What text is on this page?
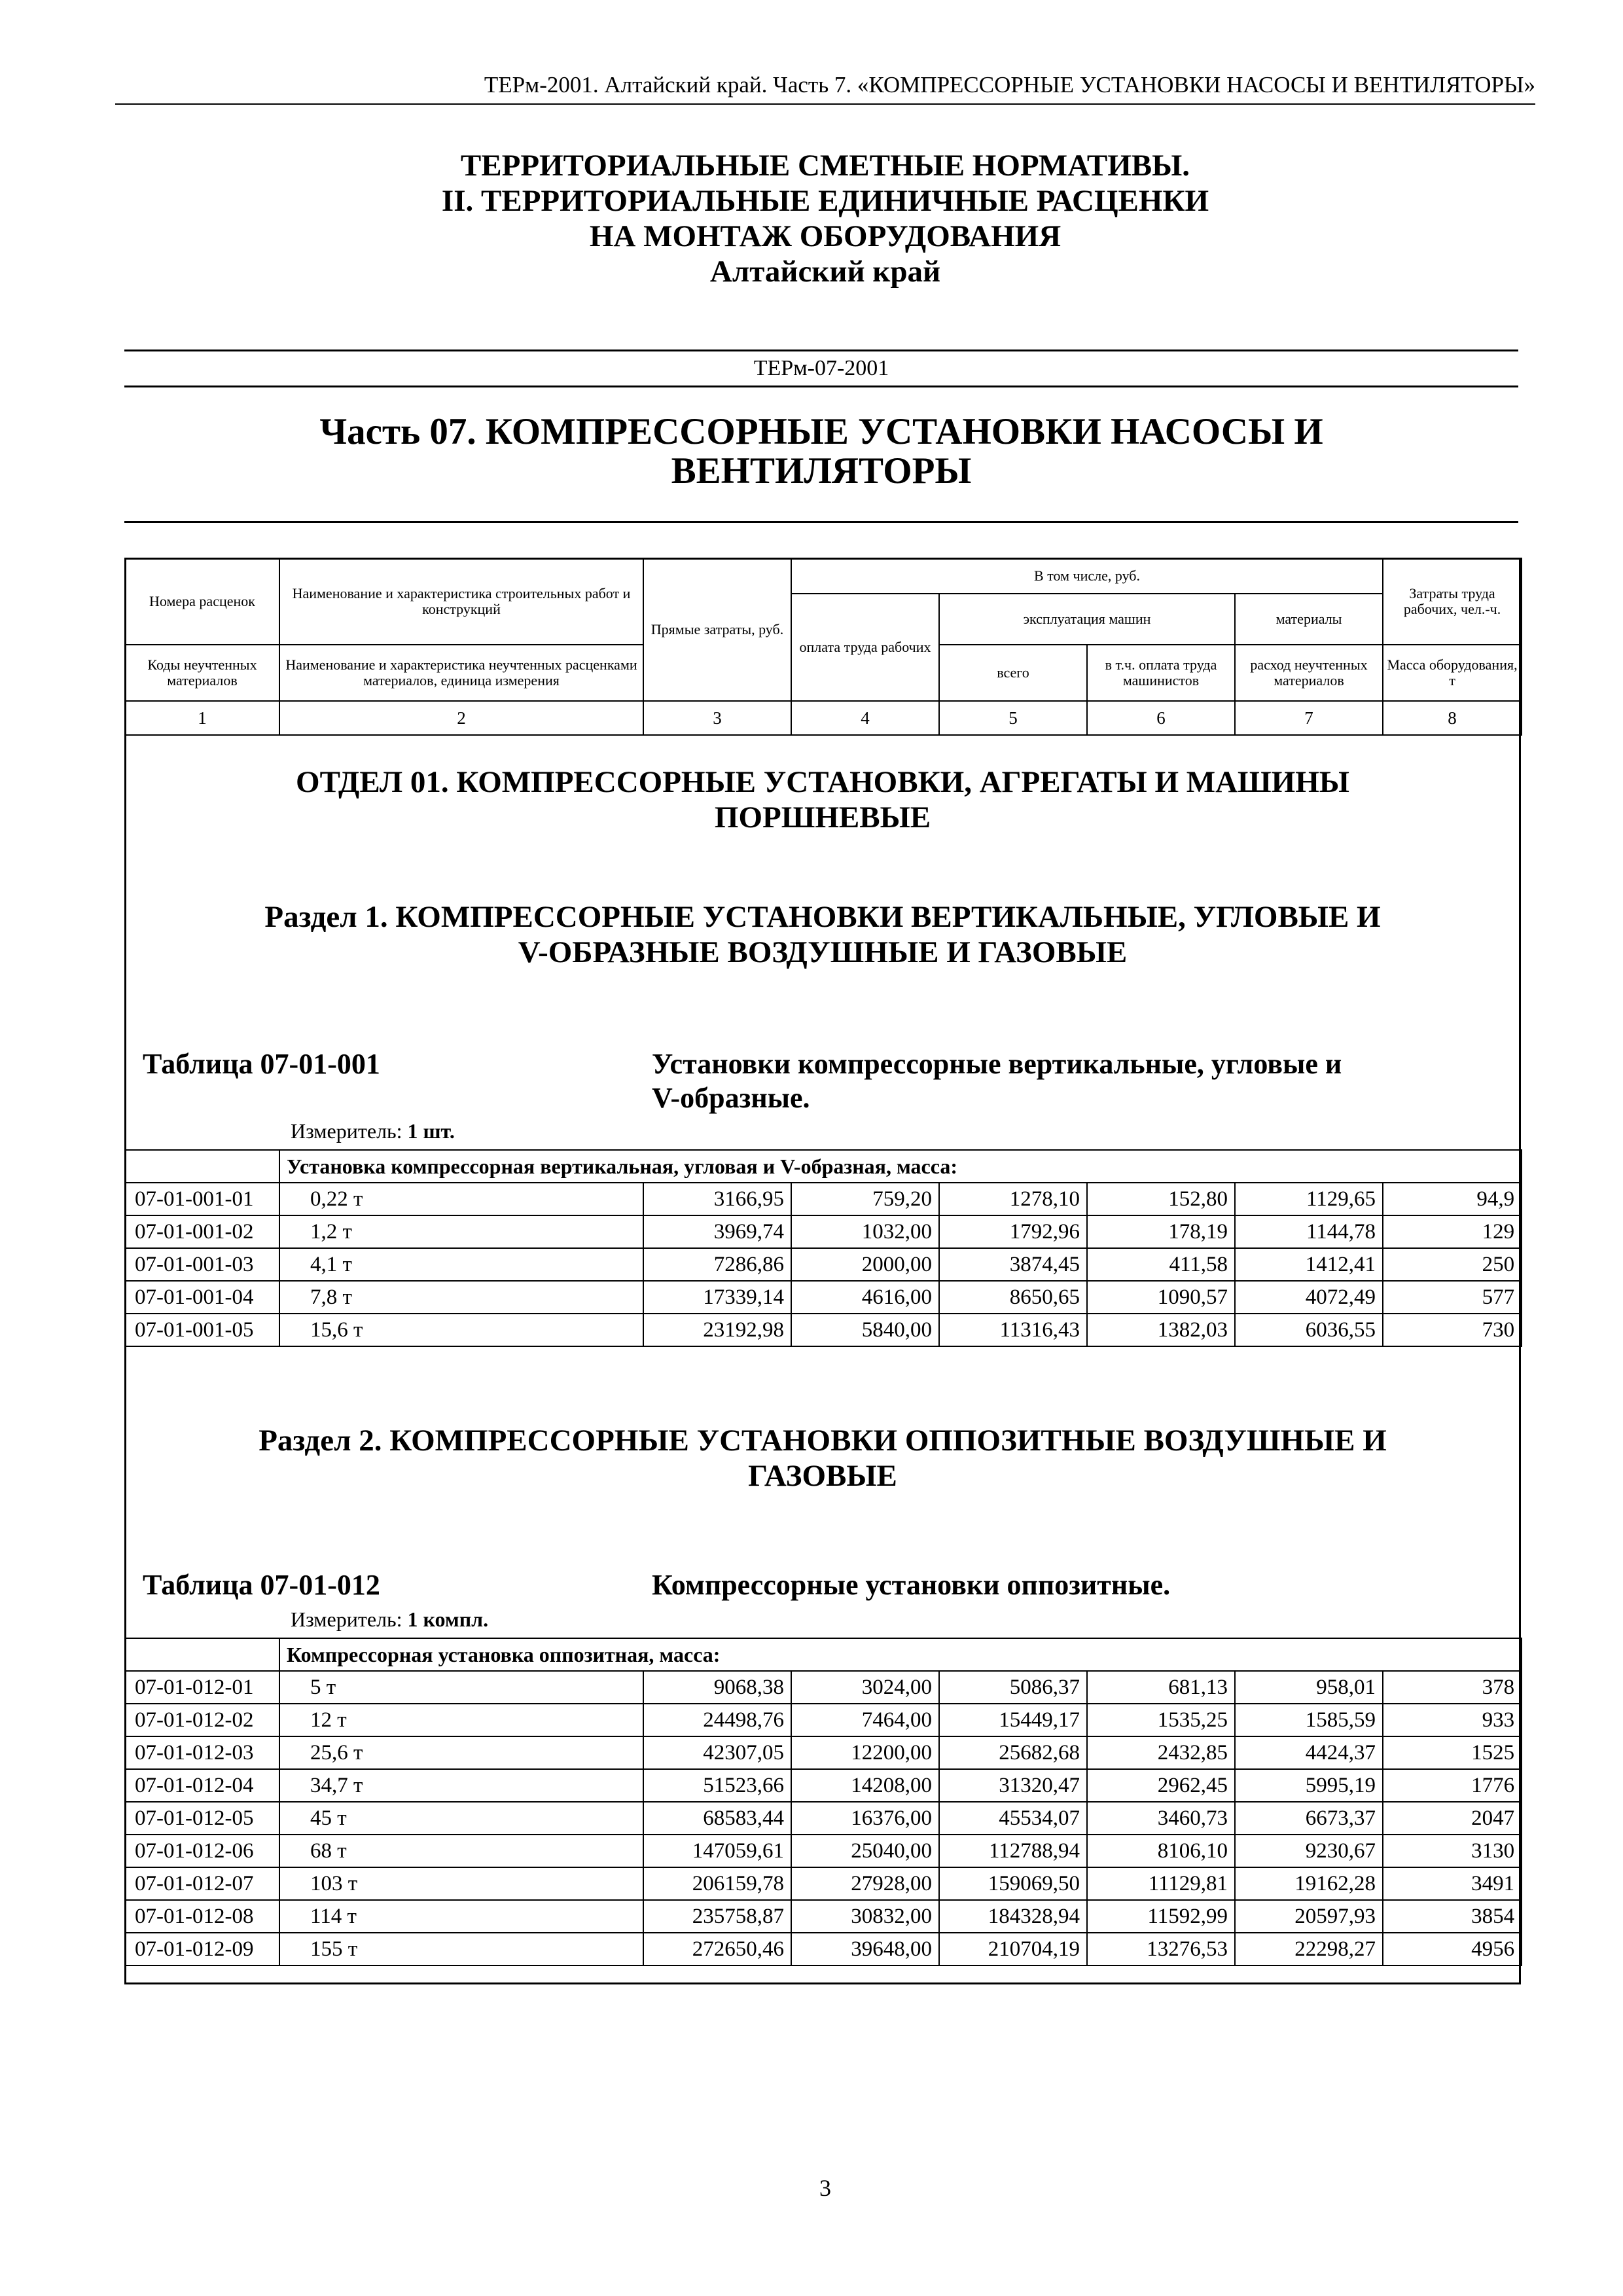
ТЕРм-2001. Алтайский край. Часть 7. «КОМПРЕССОРНЫЕ УСТАНОВКИ НАСОСЫ И ВЕНТИЛЯТОРЫ»
ТЕРРИТОРИАЛЬНЫЕ СМЕТНЫЕ НОРМАТИВЫ.
II. ТЕРРИТОРИАЛЬНЫЕ ЕДИНИЧНЫЕ РАСЦЕНКИ
НА МОНТАЖ ОБОРУДОВАНИЯ
Алтайский край
ТЕРм-07-2001
Часть 07. КОМПРЕССОРНЫЕ УСТАНОВКИ НАСОСЫ И
ВЕНТИЛЯТОРЫ
Номера расценок	Наименование и характеристика строительных работ и конструкций	Прямые затраты, руб.	В том числе, руб.				Затраты труда рабочих, чел.-ч.
			оплата труда рабочих	эксплуатация машин		материалы	
Коды неучтенных материалов	Наименование и характеристика неучтенных расценками материалов, единица измерения			всего	в т.ч. оплата труда машинистов	расход неучтенных материалов	Масса оборудования, т
1	2	3	4	5	6	7	8
ОТДЕЛ 01. КОМПРЕССОРНЫЕ УСТАНОВКИ, АГРЕГАТЫ И МАШИНЫ
ПОРШНЕВЫЕ
Раздел 1. КОМПРЕССОРНЫЕ УСТАНОВКИ ВЕРТИКАЛЬНЫЕ, УГЛОВЫЕ И
V-ОБРАЗНЫЕ ВОЗДУШНЫЕ И ГАЗОВЫЕ
Таблица 07-01-001	Установки компрессорные вертикальные, угловые и
V-образные.
Измеритель: 1 шт.
	Установка компрессорная вертикальная, угловая и V-образная, масса:						
07-01-001-01	0,22 т	3166,95	759,20	1278,10	152,80	1129,65	94,9
07-01-001-02	1,2 т	3969,74	1032,00	1792,96	178,19	1144,78	129
07-01-001-03	4,1 т	7286,86	2000,00	3874,45	411,58	1412,41	250
07-01-001-04	7,8 т	17339,14	4616,00	8650,65	1090,57	4072,49	577
07-01-001-05	15,6 т	23192,98	5840,00	11316,43	1382,03	6036,55	730
Раздел 2. КОМПРЕССОРНЫЕ УСТАНОВКИ ОППОЗИТНЫЕ ВОЗДУШНЫЕ И
ГАЗОВЫЕ
Таблица 07-01-012	Компрессорные установки оппозитные.
Измеритель: 1 компл.
	Компрессорная установка оппозитная, масса:						
07-01-012-01	5 т	9068,38	3024,00	5086,37	681,13	958,01	378
07-01-012-02	12 т	24498,76	7464,00	15449,17	1535,25	1585,59	933
07-01-012-03	25,6 т	42307,05	12200,00	25682,68	2432,85	4424,37	1525
07-01-012-04	34,7 т	51523,66	14208,00	31320,47	2962,45	5995,19	1776
07-01-012-05	45 т	68583,44	16376,00	45534,07	3460,73	6673,37	2047
07-01-012-06	68 т	147059,61	25040,00	112788,94	8106,10	9230,67	3130
07-01-012-07	103 т	206159,78	27928,00	159069,50	11129,81	19162,28	3491
07-01-012-08	114 т	235758,87	30832,00	184328,94	11592,99	20597,93	3854
07-01-012-09	155 т	272650,46	39648,00	210704,19	13276,53	22298,27	4956
3
